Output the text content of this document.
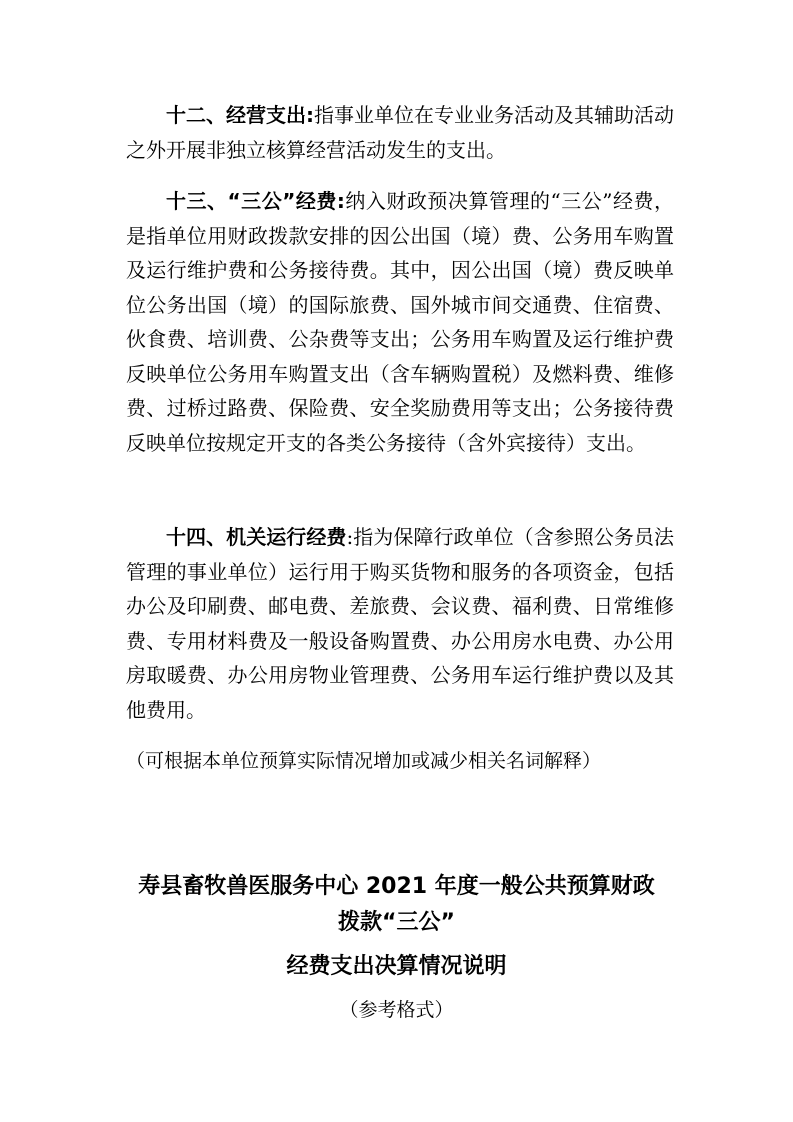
十二、经营支出:指事业单位在专业业务活动及其辅助活动之外开展非独立核算经营活动发生的支出。

十三、“三公”经费:纳入财政预决算管理的“三公”经费，是指单位用财政拨款安排的因公出国（境）费、公务用车购置及运行维护费和公务接待费。其中，因公出国（境）费反映单位公务出国（境）的国际旅费、国外城市间交通费、住宿费、伙食费、培训费、公杂费等支出；公务用车购置及运行维护费反映单位公务用车购置支出（含车辆购置税）及燃料费、维修费、过桥过路费、保险费、安全奖励费用等支出；公务接待费反映单位按规定开支的各类公务接待（含外宾接待）支出。

十四、机关运行经费:指为保障行政单位（含参照公务员法管理的事业单位）运行用于购买货物和服务的各项资金，包括办公及印刷费、邮电费、差旅费、会议费、福利费、日常维修费、专用材料费及一般设备购置费、办公用房水电费、办公用房取暖费、办公用房物业管理费、公务用车运行维护费以及其他费用。

（可根据本单位预算实际情况增加或减少相关名词解释）

寿县畜牧兽医服务中心 2021 年度一般公共预算财政

拨款“三公”

经费支出决算情况说明

（参考格式）
